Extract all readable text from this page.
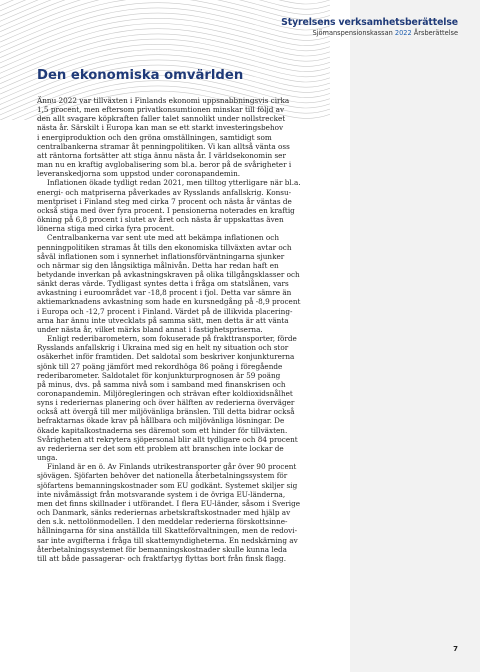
Styrelsens verksamhetsberättelse
Sjömanspensionskassan 2022 Årsberättelse
Den ekonomiska omvärlden

Ännu 2022 var tillväxten i Finlands ekonomi uppsnabbningsvis cirka
1,5 procent, men eftersom privatkonsumtionen minskar till följd av
den allt svagare köpkraften faller talet sannolikt under nollstrecket
nästa år. Särskilt i Europa kan man se ett starkt investeringsbehov
i energiproduktion och den gröna omställningen, samtidigt som
centralbankerna stramar åt penningpolitiken. Vi kan alltså vänta oss
att räntorna fortsätter att stiga ännu nästa år. I världsekonomin ser
man nu en kraftig avglobalisering som bl.a. beror på de svårigheter i
leveranskedjorna som uppstod under coronapandemin.

Inflationen ökade tydligt redan 2021, men tilltog ytterligare när bl.a.
energi- och matpriserna påverkades av Rysslands anfallskrig. Konsu-
mentpriset i Finland steg med cirka 7 procent och nästa år väntas de
också stiga med över fyra procent. I pensionerna noterades en kraftig
ökning på 6,8 procent i slutet av året och nästa år uppskattas även
lönerna stiga med cirka fyra procent.

Centralbankerna var sent ute med att bekämpa inflationen och
penningpolitiken stramas åt tills den ekonomiska tillväxten avtar och
såväl inflationen som i synnerhet inflationsförväntningarna sjunker
och närmar sig den långsiktiga målnivån. Detta har redan haft en
betydande inverkan på avkastningskraven på olika tillgångsklasser och
sänkt deras värde. Tydligast syntes detta i fråga om statslånen, vars
avkastning i euroområdet var -18,8 procent i fjol. Detta var sämre än
aktiemarknadens avkastning som hade en kursnedgång på -8,9 procent
i Europa och -12,7 procent i Finland. Värdet på de illikvida placering-
arna har ännu inte utvecklats på samma sätt, men detta är att vänta
under nästa år, vilket märks bland annat i fastighetspriserna.

Enligt rederibarometern, som fokuserade på frakttransporter, förde
Rysslands anfallskrig i Ukraina med sig en helt ny situation och stor
osäkerhet inför framtiden. Det saldotal som beskriver konjunkturerna
sjönk till 27 poäng jämfört med rekordhöga 86 poäng i föregående
rederibarometer. Saldotalet för konjunkturprognosen är 59 poäng
på minus, dvs. på samma nivå som i samband med finanskrisen och
coronapandemin. Miljöregleringen och strävan efter koldioxidsnålhet
syns i rederiernas planering och över hälften av rederierna överväger
också att övergå till mer miljövänliga bränslen. Till detta bidrar också
befraktarnas ökade krav på hållbara och miljövänliga lösningar. De
ökade kapitalkostnaderna ses däremot som ett hinder för tillväxten.
Svårigheten att rekrytera sjöpersonal blir allt tydligare och 84 procent
av rederierna ser det som ett problem att branschen inte lockar de
unga.

Finland är en ö. Av Finlands utrikestransporter går över 90 procent
sjövägen. Sjöfarten behöver det nationella återbetalningssystem för
sjöfartens bemanningskostnader som EU godkänt. Systemet skiljer sig
inte nivåmässigt från motsvarande system i de övriga EU-länderna,
men det finns skillnader i utförandet. I flera EU-länder, såsom i Sverige
och Danmark, sänks rederiernas arbetskraftskostnader med hjälp av
den s.k. nettolönmodellen. I den meddelar rederierna förskottsinne-
hållningarna för sina anställda till Skatteförvaltningen, men de redovi-
sar inte avgifterna i fråga till skattemyndigheterna. En nedskärning av
återbetalningssystemet för bemanningskostnader skulle kunna leda
till att både passagerar- och fraktfartyg flyttas bort från finsk flagg.

7
